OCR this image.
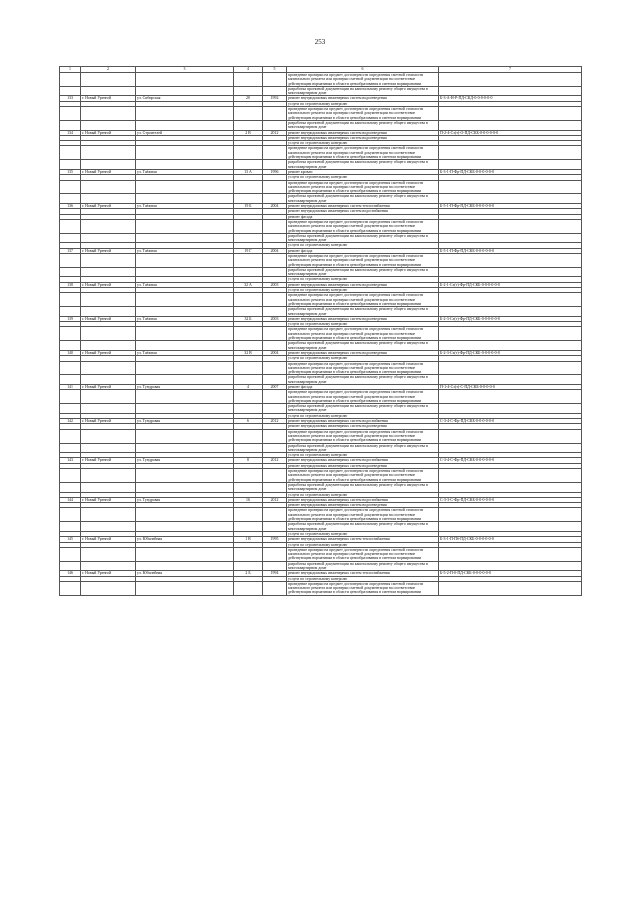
253
1	2	3	4	5	6	7
					проведение проверки на предмет достоверности определения сметной стоимости капитального ремонта или проверки сметной документации на соответствие действующим нормативам в области ценообразования в сметном нормировании	
					разработка проектной документации на капитальному ремонту общего имущества в многоквартирном доме	
133	г. Новый Уренгой	ул. Сибирская	20	1992	ремонт внутридомовых инженерных систем водоотведения	Б-3-А-Н-Р-ПД-СКД-0-0-0-0-0-0
					услуги по строительному контролю	
					проведение проверки на предмет достоверности определения сметной стоимости капитального ремонта или проверки сметной документации на соответствие действующим нормативам в области ценообразования в сметном нормировании	
					разработка проектной документации на капитальному ремонту общего имущества в многоквартирном доме	
134	г. Новый Уренгой	ул. Строителей	2 В	2012	ремонт внутридомовых инженерных систем водоотведения	П-2-4-Сэ(т)-О-ПД-СКБ-0-0-0-0-0-0
					ремонт внутридомовых инженерных систем водоотведения	
					услуги по строительному контролю	
					проведение проверки на предмет достоверности определения сметной стоимости капитального ремонта или проверки сметной документации на соответствие действующим нормативам в области ценообразования в сметном нормировании	
					разработка проектной документации на капитальному ремонту общего имущества в многоквартирном доме	
135	г. Новый Уренгой	ул. Таёжная	13 А	1996	ремонт кровли	Б-3-1-П-Фр-ПД-СКБ-0-0-0-0-0-0
					услуги по строительному контролю	
					проведение проверки на предмет достоверности определения сметной стоимости капитального ремонта или проверки сметной документации на соответствие действующим нормативам в области ценообразования в сметном нормировании	
					разработка проектной документации на капитальному ремонту общего имущества в многоквартирном доме	
136	г. Новый Уренгой	ул. Таёжная	19 Б	2004	ремонт внутридомовых инженерных систем теплоснабжения	Б-5-1-П-Фр-ПД-СКБ-0-0-0-0-0-0
					ремонт внутридомовых инженерных систем водоснабжения	
					ремонт фасада	
					проведение проверки на предмет достоверности определения сметной стоимости капитального ремонта или проверки сметной документации на соответствие действующим нормативам в области ценообразования в сметном нормировании	
					разработка проектной документации на капитальному ремонту общего имущества в многоквартирном доме	
					услуги по строительному контролю	
137	г. Новый Уренгой	ул. Таёжная	19 Г	2004	ремонт фасада	Б-5-1-П-Фр-ПД-СКБ-0-0-0-0-0-0
					проведение проверки на предмет достоверности определения сметной стоимости капитального ремонта или проверки сметной документации на соответствие действующим нормативам в области ценообразования в сметном нормировании	
					разработка проектной документации на капитальному ремонту общего имущества в многоквартирном доме	
					услуги по строительному контролю	
138	г. Новый Уренгой	ул. Таёжная	32 А	2003	ремонт внутридомовых инженерных систем водоотведения	Б-2-1-Сэ(т)-Фр-ПД-СКБ-0-0-0-0-0-0
					услуги по строительному контролю	
					проведение проверки на предмет достоверности определения сметной стоимости капитального ремонта или проверки сметной документации на соответствие действующим нормативам в области ценообразования в сметном нормировании	
					разработка проектной документации на капитальному ремонту общего имущества в многоквартирном доме	
139	г. Новый Уренгой	ул. Таёжная	32 Б	2003	ремонт внутридомовых инженерных систем водоотведения	Б-2-3-Сэ(т)-Фр-ПД-СКБ-0-0-0-0-0-0
					услуги по строительному контролю	
					проведение проверки на предмет достоверности определения сметной стоимости капитального ремонта или проверки сметной документации на соответствие действующим нормативам в области ценообразования в сметном нормировании	
					разработка проектной документации на капитальному ремонту общего имущества в многоквартирном доме	
140	г. Новый Уренгой	ул. Таёжная	32 В	2004	ремонт внутридомовых инженерных систем водоотведения	Б-2-3-Сэ(т)-Фр-ПД-СКБ-0-0-0-0-0-0
					услуги по строительному контролю	
					проведение проверки на предмет достоверности определения сметной стоимости капитального ремонта или проверки сметной документации на соответствие действующим нормативам в области ценообразования в сметном нормировании	
					разработка проектной документации на капитальному ремонту общего имущества в многоквартирном доме	
141	г. Новый Уренгой	ул. Тундровая	4	2007	ремонт фасада	П-1-4-Сэ(т)-С-ПД-СКБ-0-0-0-0-0
					проведение проверки на предмет достоверности определения сметной стоимости капитального ремонта или проверки сметной документации на соответствие действующим нормативам в области ценообразования в сметном нормировании	
					разработка проектной документации на капитальному ремонту общего имущества в многоквартирном доме	
					услуги по строительному контролю	
142	г. Новый Уренгой	ул. Тундровая	6	2012	ремонт внутридомовых инженерных систем водоснабжения	С-3-4-С-Фр-ПД-СКБ-0-0-0-0-0-0
					ремонт внутридомовых инженерных систем водоотведения	
					проведение проверки на предмет достоверности определения сметной стоимости капитального ремонта или проверки сметной документации на соответствие действующим нормативам в области ценообразования в сметном нормировании	
					разработка проектной документации на капитальному ремонту общего имущества в многоквартирном доме	
					услуги по строительному контролю	
143	г. Новый Уренгой	ул. Тундровая	8	2012	ремонт внутридомовых инженерных систем водоснабжения	С-3-4-С-Фр-ПД-СКБ-0-0-0-0-0-0
					ремонт внутридомовых инженерных систем водоотведения	
					проведение проверки на предмет достоверности определения сметной стоимости капитального ремонта или проверки сметной документации на соответствие действующим нормативам в области ценообразования в сметном нормировании	
					разработка проектной документации на капитальному ремонту общего имущества в многоквартирном доме	
					услуги по строительному контролю	
144	г. Новый Уренгой	ул. Тундровая	16	2012	ремонт внутридомовых инженерных систем водоснабжения	С-3-3-С-Фр-ПД-СКБ-0-0-0-0-0-0
					ремонт внутридомовых инженерных систем водоотведения	
					проведение проверки на предмет достоверности определения сметной стоимости капитального ремонта или проверки сметной документации на соответствие действующим нормативам в области ценообразования в сметном нормировании	
					разработка проектной документации на капитальному ремонту общего имущества в многоквартирном доме	
					услуги по строительному контролю	
145	г. Новый Уренгой	ул. Юбилейная	1 В	1995	ремонт внутридомовых инженерных систем теплоснабжения	Б-3-1-П-Пб-ПД-СКБ-0-0-0-0-0-0
					услуги по строительному контролю	
					проведение проверки на предмет достоверности определения сметной стоимости капитального ремонта или проверки сметной документации на соответствие действующим нормативам в области ценообразования в сметном нормировании	
					разработка проектной документации на капитальному ремонту общего имущества в многоквартирном доме	
146	г. Новый Уренгой	ул. Юбилейная	2 Б	1994	ремонт внутридомовых инженерных систем теплоснабжения	Б-5-2-П-0-ПД-СКБ-0-0-0-0-0-0
					услуги по строительному контролю	
					проведение проверки на предмет достоверности определения сметной стоимости капитального ремонта или проверки сметной документации на соответствие действующим нормативам в области ценообразования в сметном нормировании	
